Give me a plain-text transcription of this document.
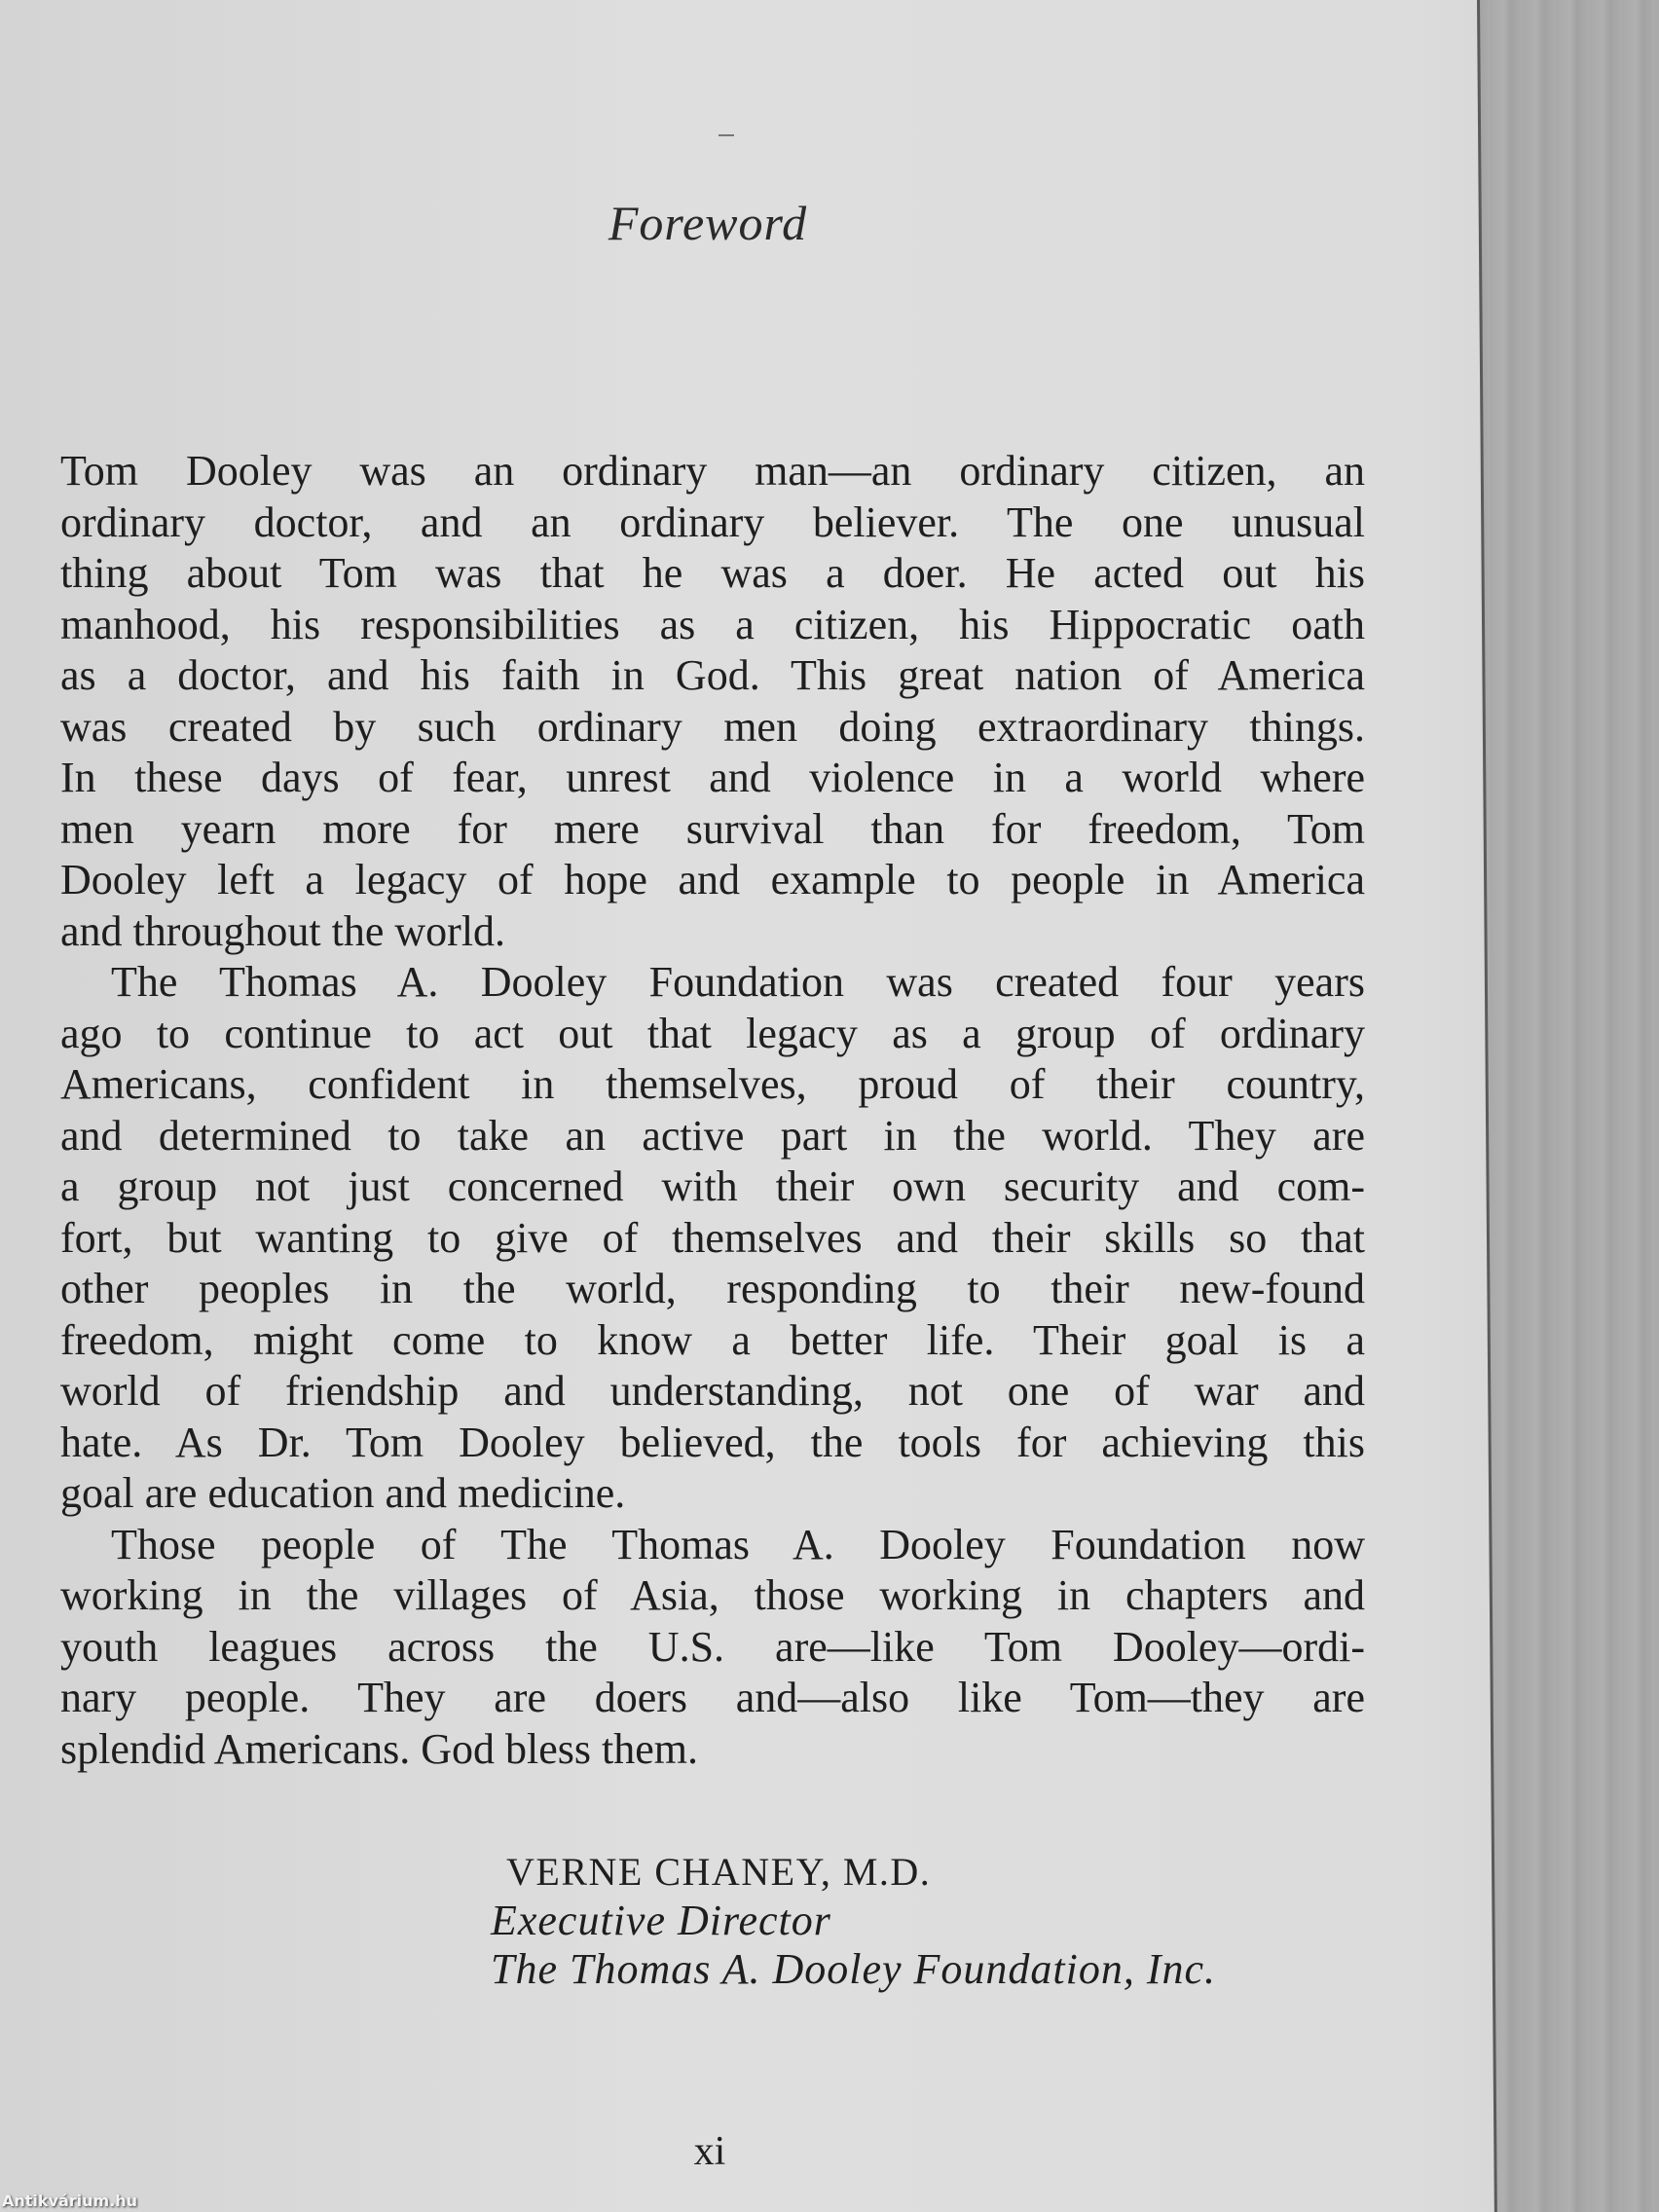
Foreword
Tom Dooley was an ordinary man—an ordinary citizen, an
ordinary doctor, and an ordinary believer. The one unusual
thing about Tom was that he was a doer. He acted out his
manhood, his responsibilities as a citizen, his Hippocratic oath
as a doctor, and his faith in God. This great nation of America
was created by such ordinary men doing extraordinary things.
In these days of fear, unrest and violence in a world where
men yearn more for mere survival than for freedom, Tom
Dooley left a legacy of hope and example to people in America
and throughout the world.
The Thomas A. Dooley Foundation was created four years
ago to continue to act out that legacy as a group of ordinary
Americans, confident in themselves, proud of their country,
and determined to take an active part in the world. They are
a group not just concerned with their own security and com-
fort, but wanting to give of themselves and their skills so that
other peoples in the world, responding to their new-found
freedom, might come to know a better life. Their goal is a
world of friendship and understanding, not one of war and
hate. As Dr. Tom Dooley believed, the tools for achieving this
goal are education and medicine.
Those people of The Thomas A. Dooley Foundation now
working in the villages of Asia, those working in chapters and
youth leagues across the U.S. are—like Tom Dooley—ordi-
nary people. They are doers and—also like Tom—they are
splendid Americans. God bless them.
VERNE CHANEY, M.D.
Executive Director
The Thomas A. Dooley Foundation, Inc.
xi
Antikvárium.hu
